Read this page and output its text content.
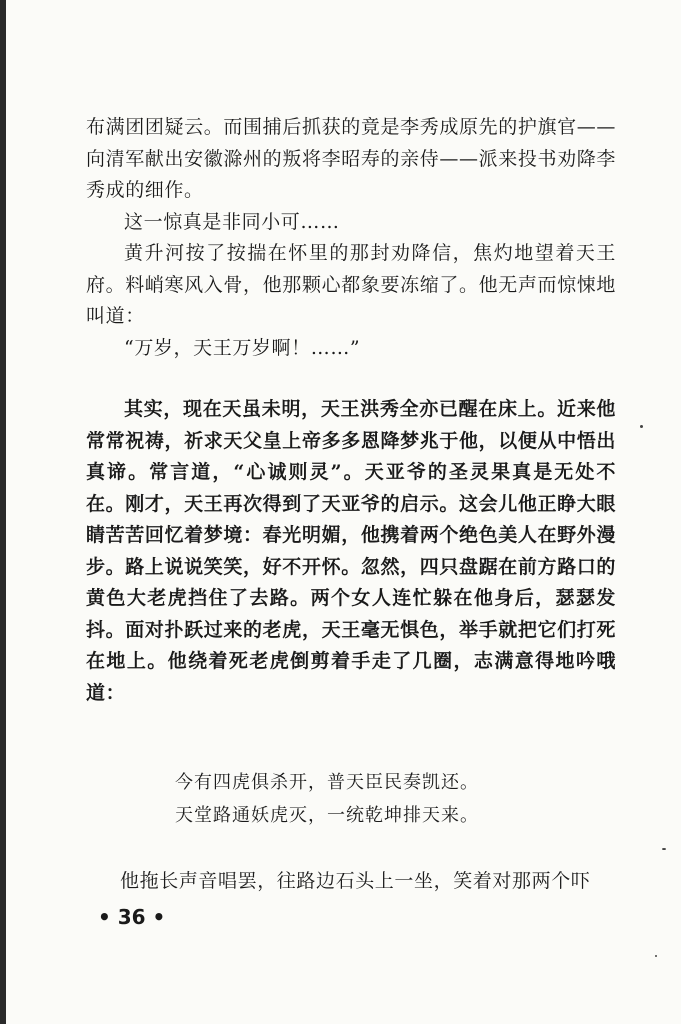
布满团团疑云。而围捕后抓获的竟是李秀成原先的护旗官——向清军献出安徽滁州的叛将李昭寿的亲侍——派来投书劝降李秀成的细作。

这一惊真是非同小可……

黄升河按了按揣在怀里的那封劝降信，焦灼地望着天王府。料峭寒风入骨，他那颗心都象要冻缩了。他无声而惊悚地叫道：

“万岁，天王万岁啊！……”

其实，现在天虽未明，天王洪秀全亦已醒在床上。近来他常常祝祷，祈求天父皇上帝多多恩降梦兆于他，以便从中悟出真谛。常言道，“心诚则灵”。天亚爷的圣灵果真是无处不在。刚才，天王再次得到了天亚爷的启示。这会儿他正睁大眼睛苦苦回忆着梦境：春光明媚，他携着两个绝色美人在野外漫步。路上说说笑笑，好不开怀。忽然，四只盘踞在前方路口的黄色大老虎挡住了去路。两个女人连忙躲在他身后，瑟瑟发抖。面对扑跃过来的老虎，天王毫无惧色，举手就把它们打死在地上。他绕着死老虎倒剪着手走了几圈，志满意得地吟哦道：

今有四虎俱杀开，普天臣民奏凯还。

天堂路通妖虎灭，一统乾坤排天来。

他拖长声音唱罢，往路边石头上一坐，笑着对那两个吓
• 36 •
